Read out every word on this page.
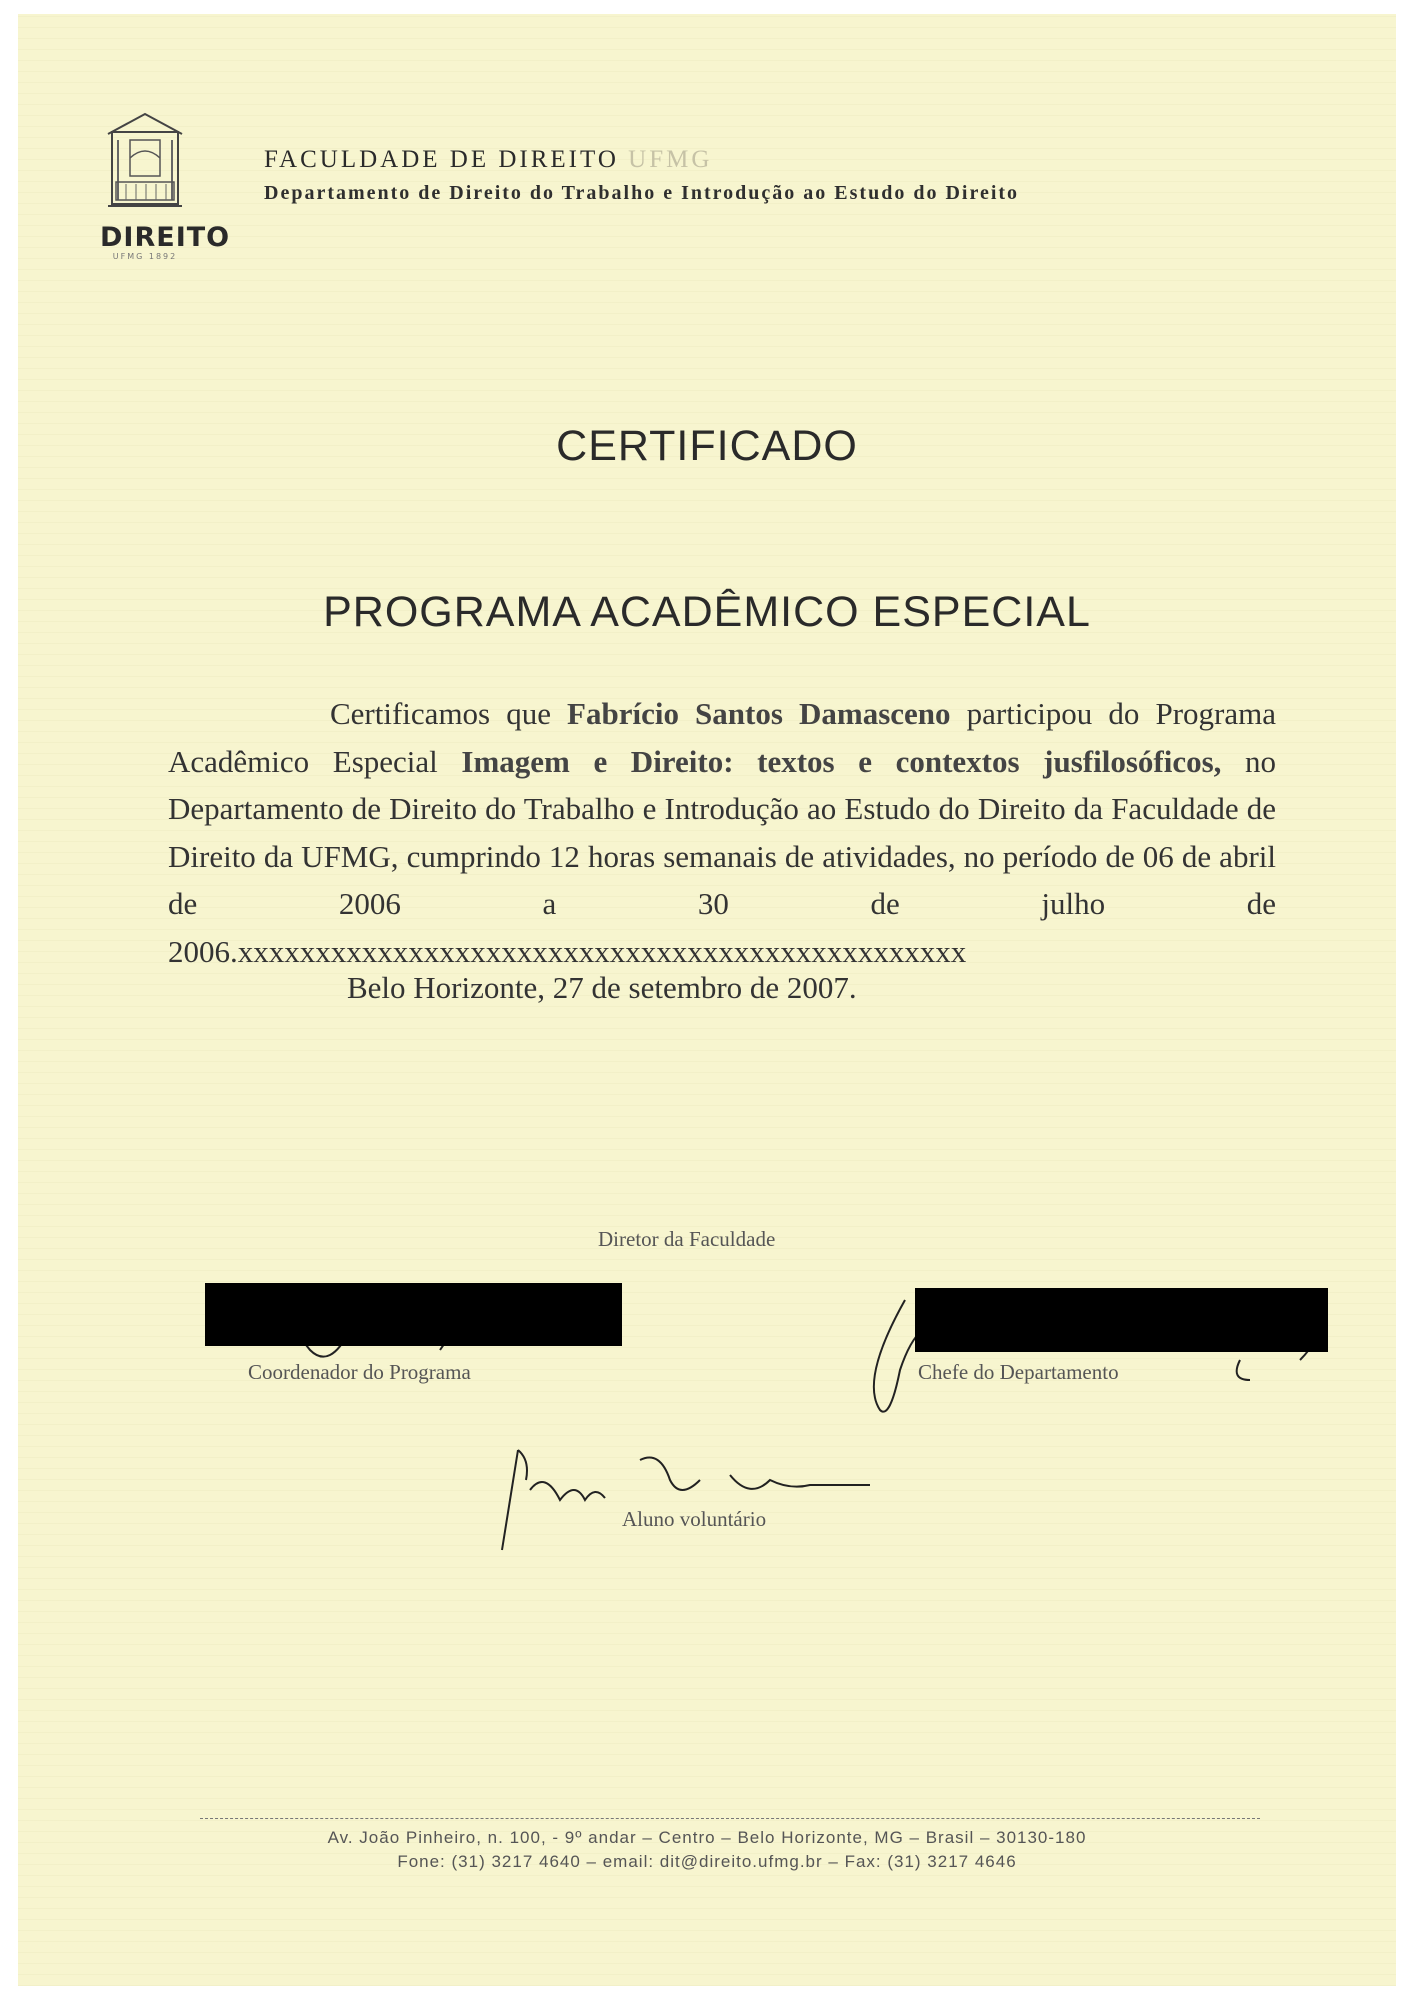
DIREITO
UFMG 1892
FACULDADE DE DIREITO UFMG
Departamento de Direito do Trabalho e Introdução ao Estudo do Direito
CERTIFICADO
PROGRAMA ACADÊMICO ESPECIAL
Certificamos que Fabrício Santos Damasceno participou do Programa Acadêmico Especial Imagem e Direito: textos e contextos jusfilosóficos, no Departamento de Direito do Trabalho e Introdução ao Estudo do Direito da Faculdade de Direito da UFMG, cumprindo 12 horas semanais de atividades, no período de 06 de abril de 2006 a 30 de julho de 2006.xxxxxxxxxxxxxxxxxxxxxxxxxxxxxxxxxxxxxxxxxxxxxxx
Belo Horizonte, 27 de setembro de 2007.
Diretor da Faculdade
Coordenador do Programa	Chefe do Departamento
Aluno voluntário
Av. João Pinheiro, n. 100, - 9º andar – Centro – Belo Horizonte, MG – Brasil – 30130-180
Fone: (31) 3217 4640 – email: dit@direito.ufmg.br – Fax: (31) 3217 4646
